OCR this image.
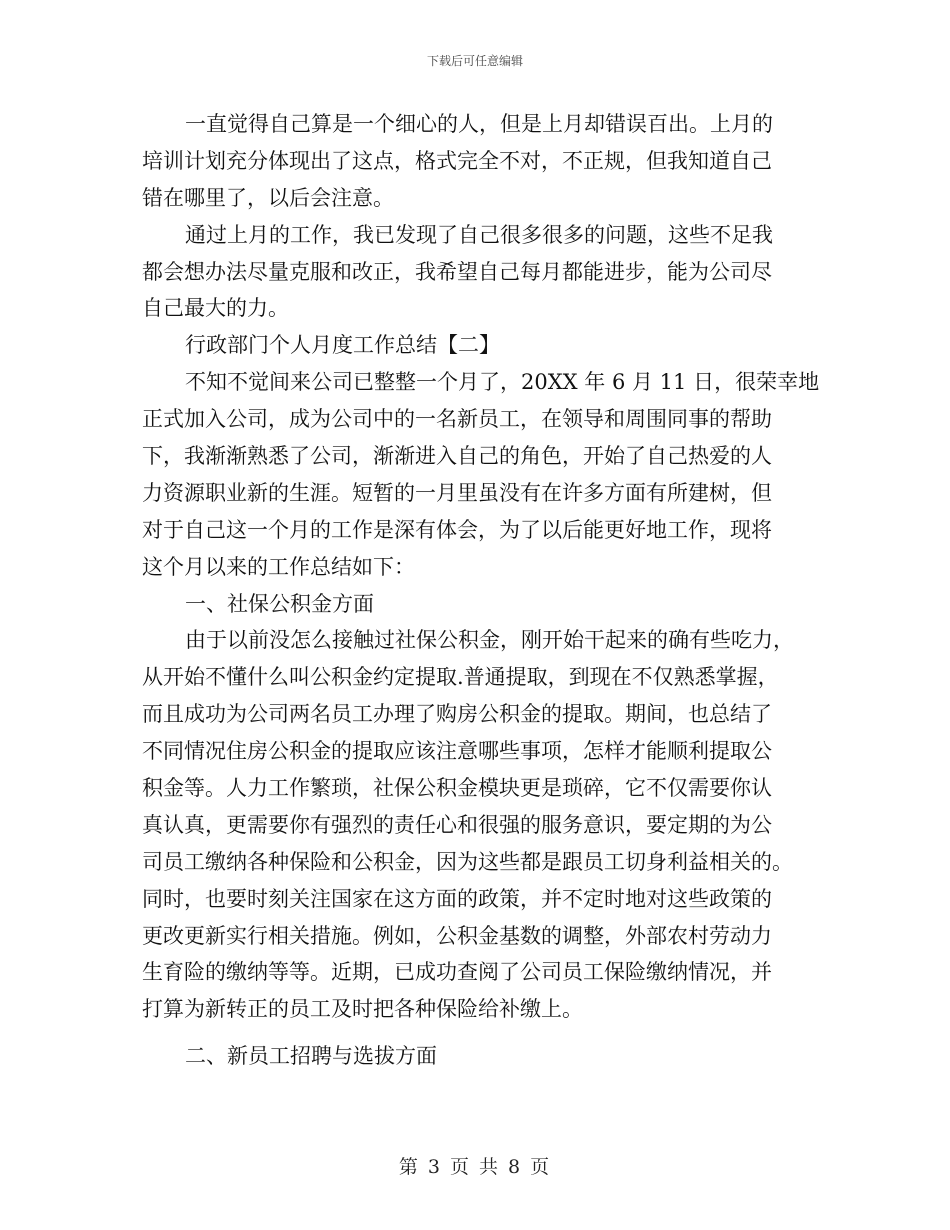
下载后可任意编辑
一直觉得自己算是一个细心的人，但是上月却错误百出。上月的
培训计划充分体现出了这点，格式完全不对，不正规，但我知道自己
错在哪里了，以后会注意。
通过上月的工作，我已发现了自己很多很多的问题，这些不足我
都会想办法尽量克服和改正，我希望自己每月都能进步，能为公司尽
自己最大的力。
行政部门个人月度工作总结【二】
不知不觉间来公司已整整一个月了，20XX 年 6 月 11 日，很荣幸地
正式加入公司，成为公司中的一名新员工，在领导和周围同事的帮助
下，我渐渐熟悉了公司，渐渐进入自己的角色，开始了自己热爱的人
力资源职业新的生涯。短暂的一月里虽没有在许多方面有所建树，但
对于自己这一个月的工作是深有体会，为了以后能更好地工作，现将
这个月以来的工作总结如下：
一、社保公积金方面
由于以前没怎么接触过社保公积金，刚开始干起来的确有些吃力，
从开始不懂什么叫公积金约定提取.普通提取，到现在不仅熟悉掌握，
而且成功为公司两名员工办理了购房公积金的提取。期间，也总结了
不同情况住房公积金的提取应该注意哪些事项，怎样才能顺利提取公
积金等。人力工作繁琐，社保公积金模块更是琐碎，它不仅需要你认
真认真，更需要你有强烈的责任心和很强的服务意识，要定期的为公
司员工缴纳各种保险和公积金，因为这些都是跟员工切身利益相关的。
同时，也要时刻关注国家在这方面的政策，并不定时地对这些政策的
更改更新实行相关措施。例如，公积金基数的调整，外部农村劳动力
生育险的缴纳等等。近期，已成功查阅了公司员工保险缴纳情况，并
打算为新转正的员工及时把各种保险给补缴上。
二、新员工招聘与选拔方面
第 3 页 共 8 页
